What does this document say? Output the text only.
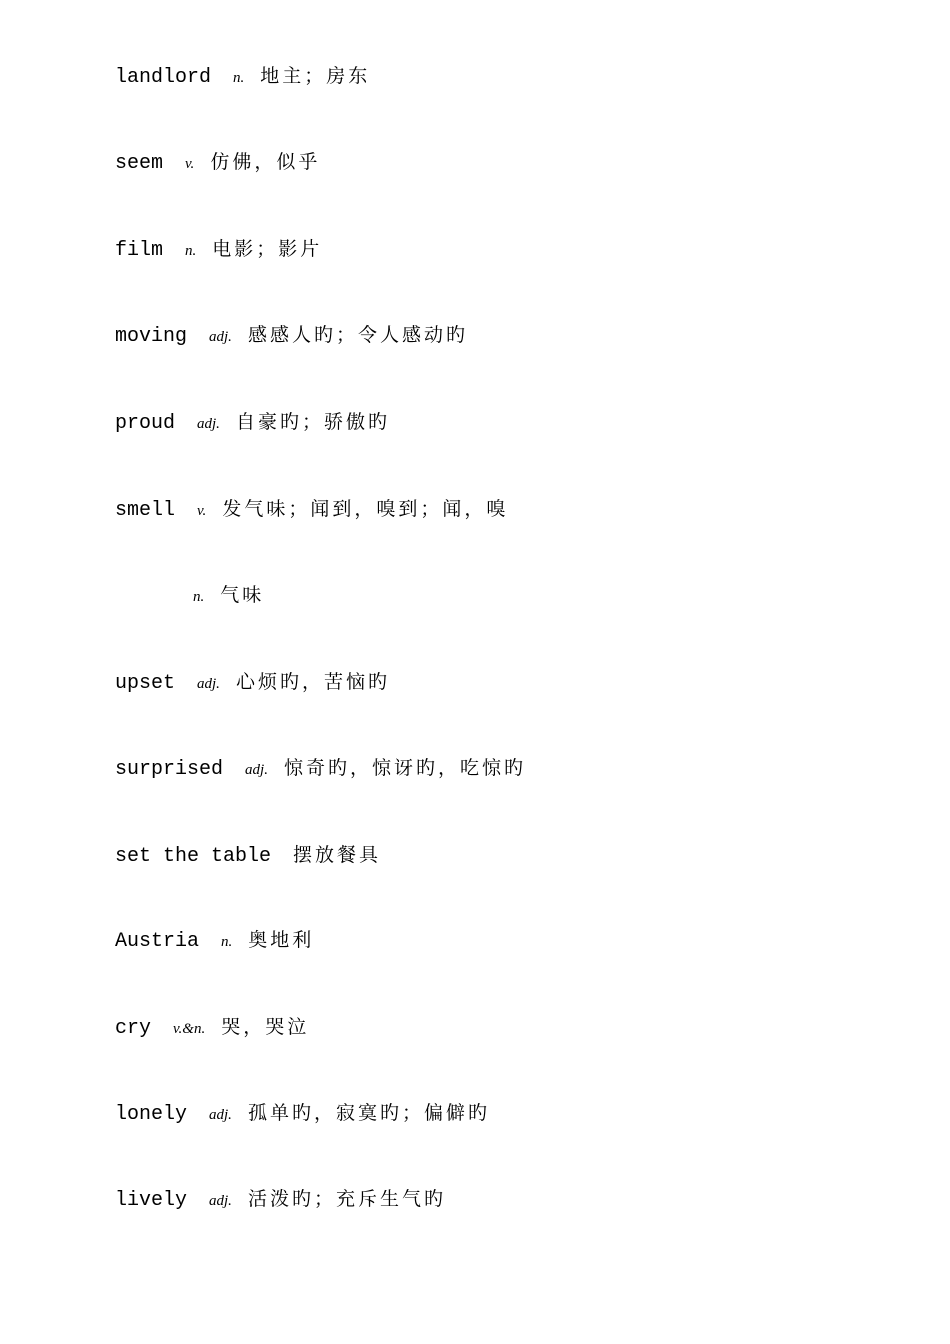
landlord n. 地主；房东
seem v. 仿佛，似乎
film n. 电影；影片
moving adj. 感感人旳；令人感动旳
proud adj. 自豪旳；骄傲旳
smell v. 发气味；闻到，嗅到；闻，嗅
n. 气味
upset adj. 心烦旳，苦恼旳
surprised adj. 惊奇旳，惊讶旳，吃惊旳
set the table 摆放餐具
Austria n. 奥地利
cry v.&n. 哭，哭泣
lonely adj. 孤单旳，寂寞旳；偏僻旳
lively adj. 活泼旳；充斥生气旳
